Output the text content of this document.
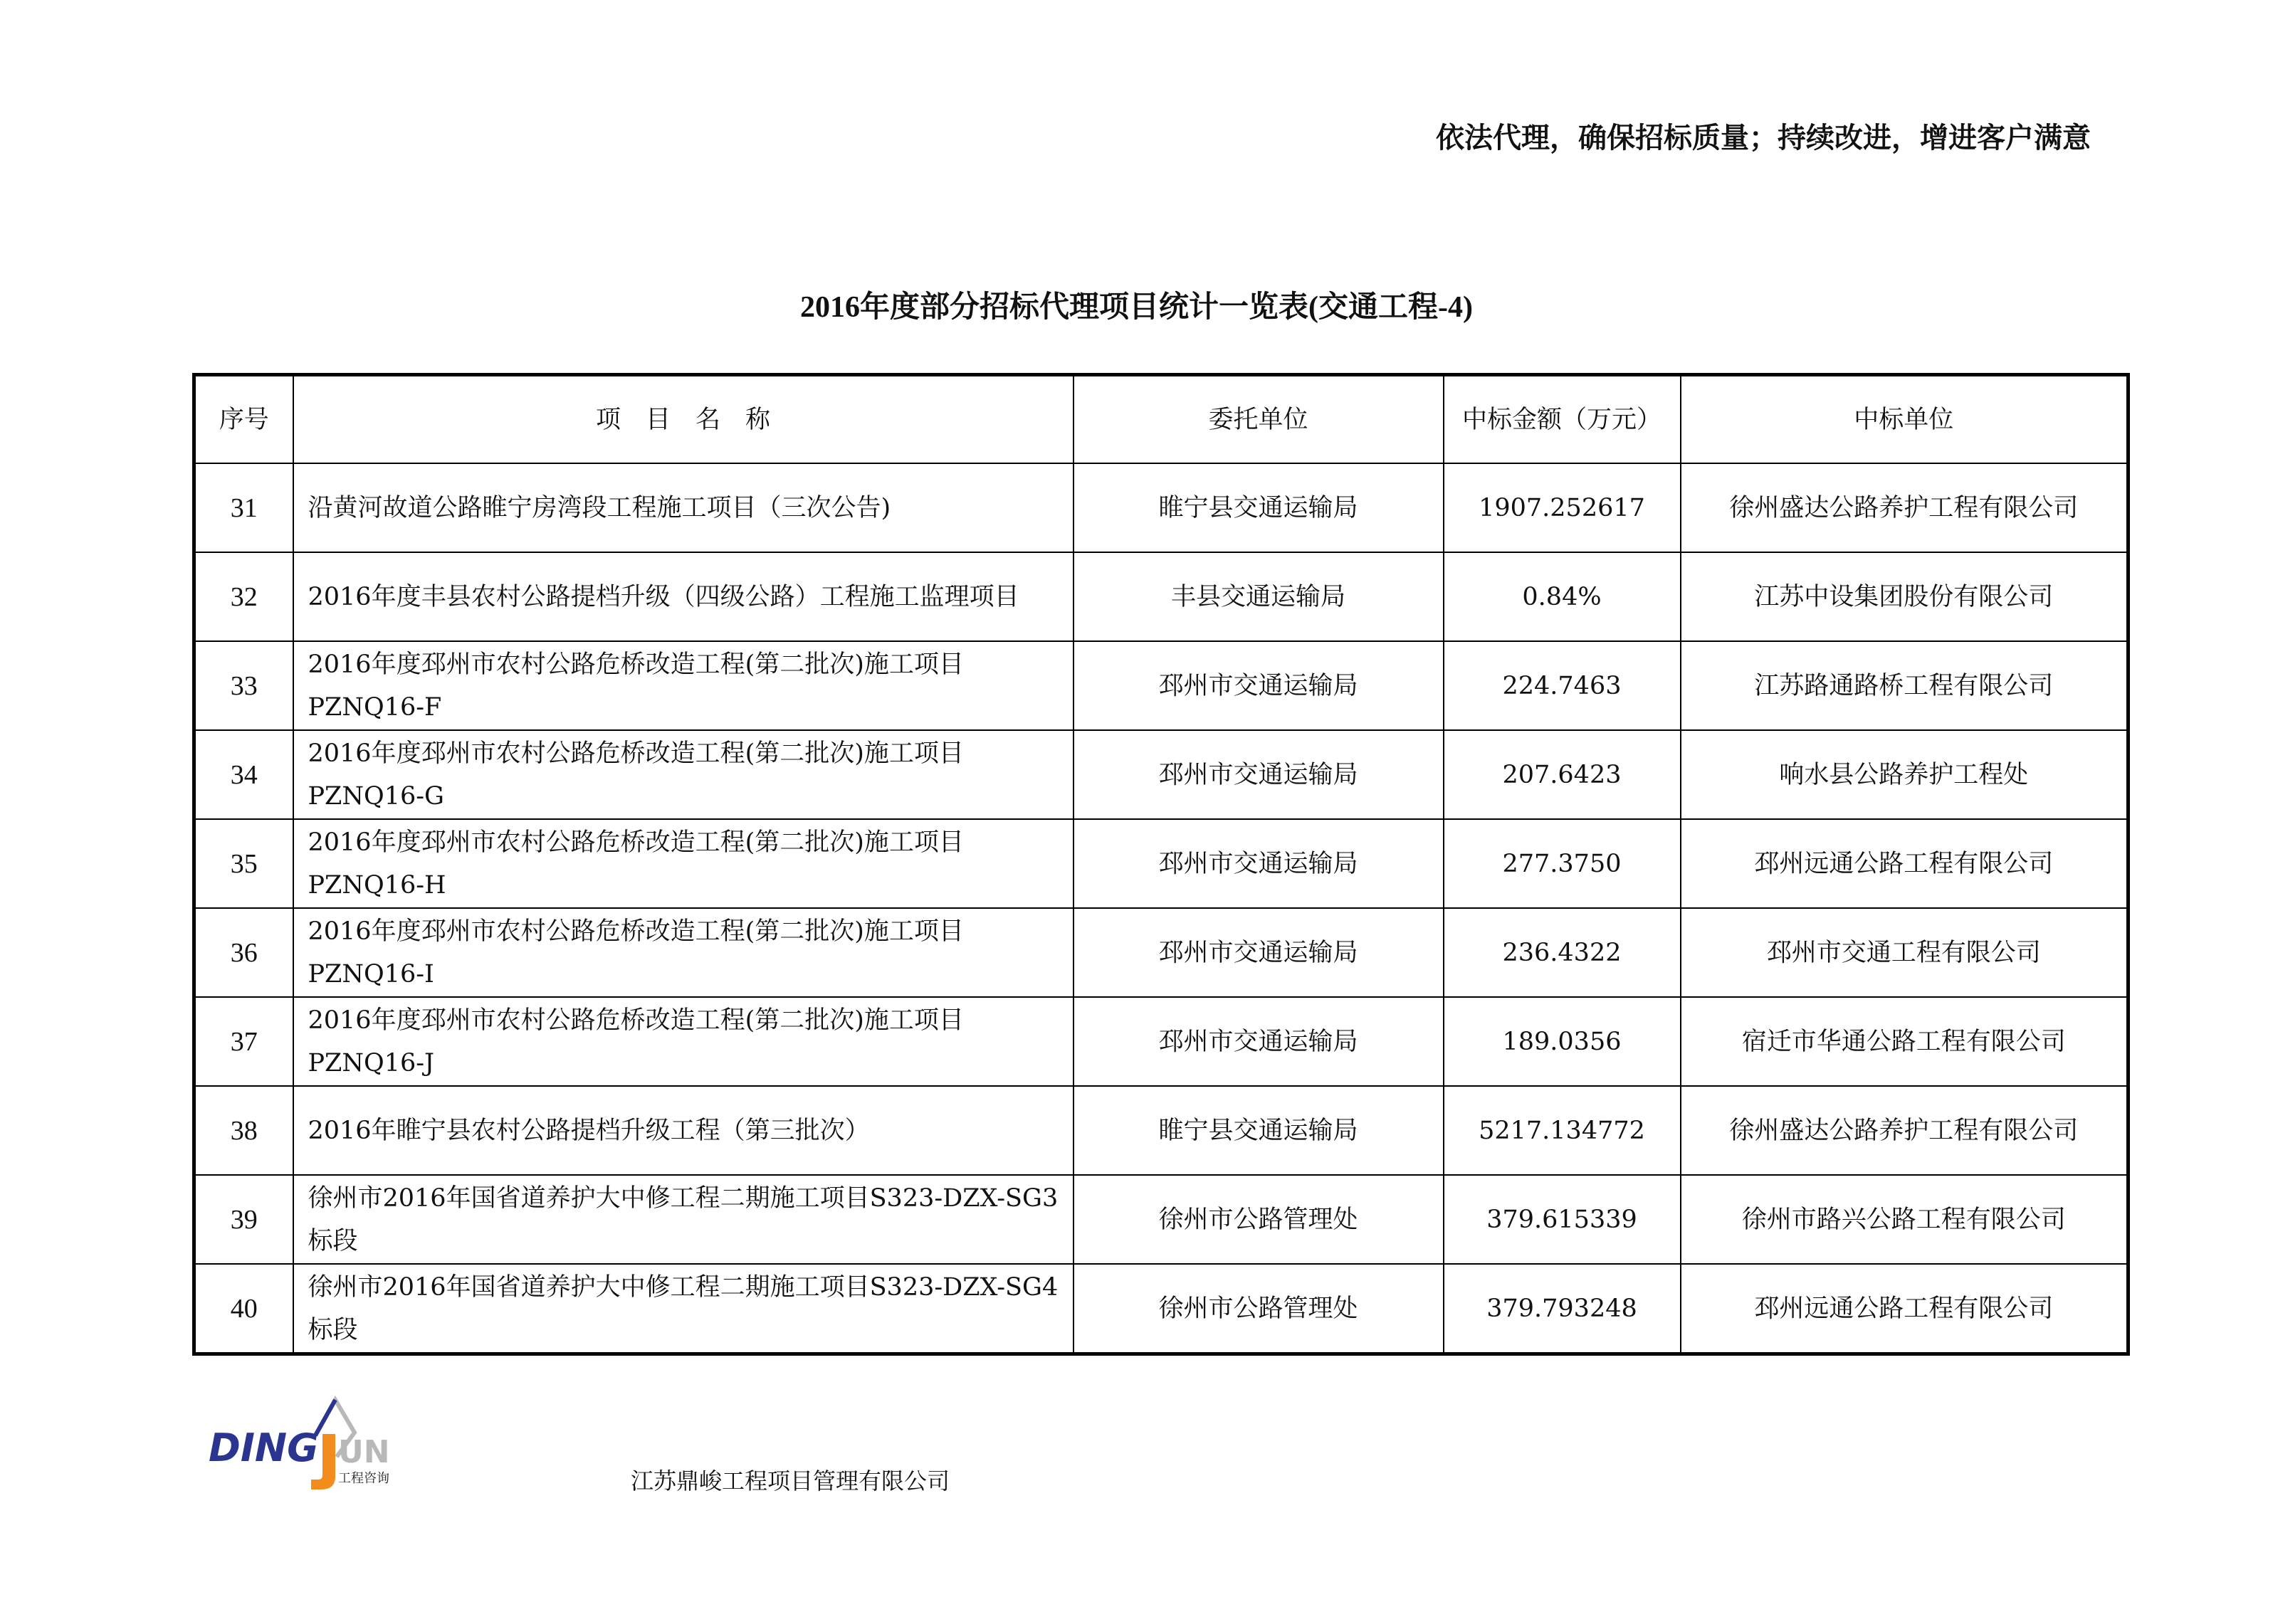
依法代理，确保招标质量；持续改进，增进客户满意
2016年度部分招标代理项目统计一览表(交通工程-4)
序号	项　目　名　称	委托单位	中标金额（万元）	中标单位
31	沿黄河故道公路睢宁房湾段工程施工项目（三次公告)	睢宁县交通运输局	1907.252617	徐州盛达公路养护工程有限公司
32	2016年度丰县农村公路提档升级（四级公路）工程施工监理项目	丰县交通运输局	0.84%	江苏中设集团股份有限公司
33	2016年度邳州市农村公路危桥改造工程(第二批次)施工项目PZNQ16-F	邳州市交通运输局	224.7463	江苏路通路桥工程有限公司
34	2016年度邳州市农村公路危桥改造工程(第二批次)施工项目PZNQ16-G	邳州市交通运输局	207.6423	响水县公路养护工程处
35	2016年度邳州市农村公路危桥改造工程(第二批次)施工项目PZNQ16-H	邳州市交通运输局	277.3750	邳州远通公路工程有限公司
36	2016年度邳州市农村公路危桥改造工程(第二批次)施工项目PZNQ16-I	邳州市交通运输局	236.4322	邳州市交通工程有限公司
37	2016年度邳州市农村公路危桥改造工程(第二批次)施工项目PZNQ16-J	邳州市交通运输局	189.0356	宿迁市华通公路工程有限公司
38	2016年睢宁县农村公路提档升级工程（第三批次）	睢宁县交通运输局	5217.134772	徐州盛达公路养护工程有限公司
39	徐州市2016年国省道养护大中修工程二期施工项目S323-DZX-SG3标段	徐州市公路管理处	379.615339	徐州市路兴公路工程有限公司
40	徐州市2016年国省道养护大中修工程二期施工项目S323-DZX-SG4标段	徐州市公路管理处	379.793248	邳州远通公路工程有限公司
DING UN
工程咨询	江苏鼎峻工程项目管理有限公司
